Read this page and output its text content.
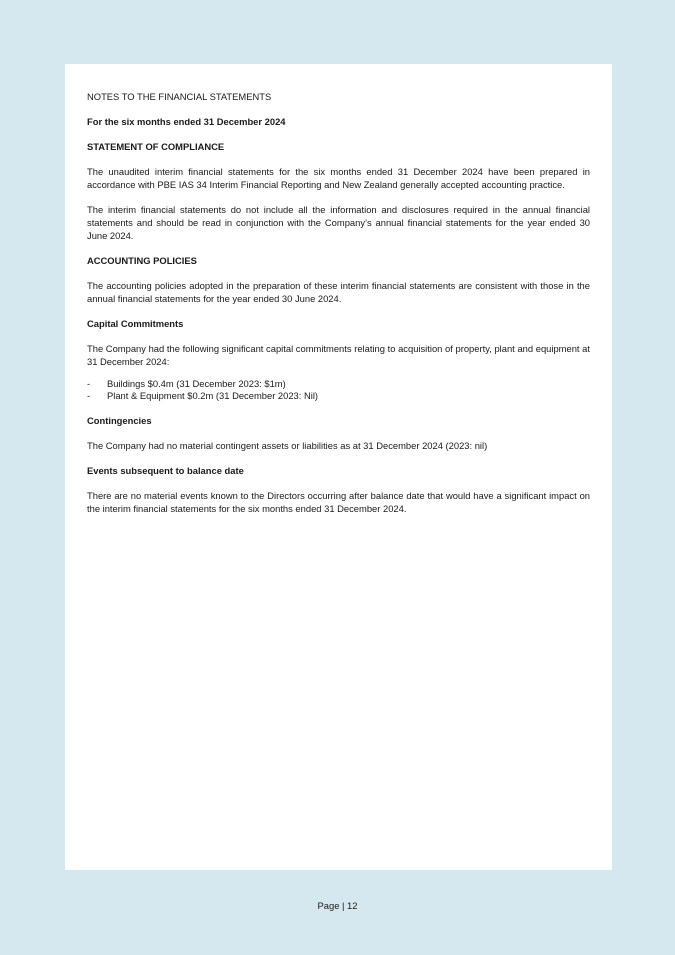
NOTES TO THE FINANCIAL STATEMENTS
For the six months ended 31 December 2024
STATEMENT OF COMPLIANCE

The unaudited interim financial statements for the six months ended 31 December 2024 have been prepared in accordance with PBE IAS 34 Interim Financial Reporting and New Zealand generally accepted accounting practice.

The interim financial statements do not include all the information and disclosures required in the annual financial statements and should be read in conjunction with the Company’s annual financial statements for the year ended 30 June 2024.

ACCOUNTING POLICIES

The accounting policies adopted in the preparation of these interim financial statements are consistent with those in the annual financial statements for the year ended 30 June 2024.

Capital Commitments

The Company had the following significant capital commitments relating to acquisition of property, plant and equipment at 31 December 2024:

-	Buildings $0.4m (31 December 2023: $1m)
-	Plant & Equipment $0.2m (31 December 2023: Nil)
Contingencies

The Company had no material contingent assets or liabilities as at 31 December 2024 (2023: nil)

Events subsequent to balance date

There are no material events known to the Directors occurring after balance date that would have a significant impact on the interim financial statements for the six months ended 31 December 2024.

Page | 12
